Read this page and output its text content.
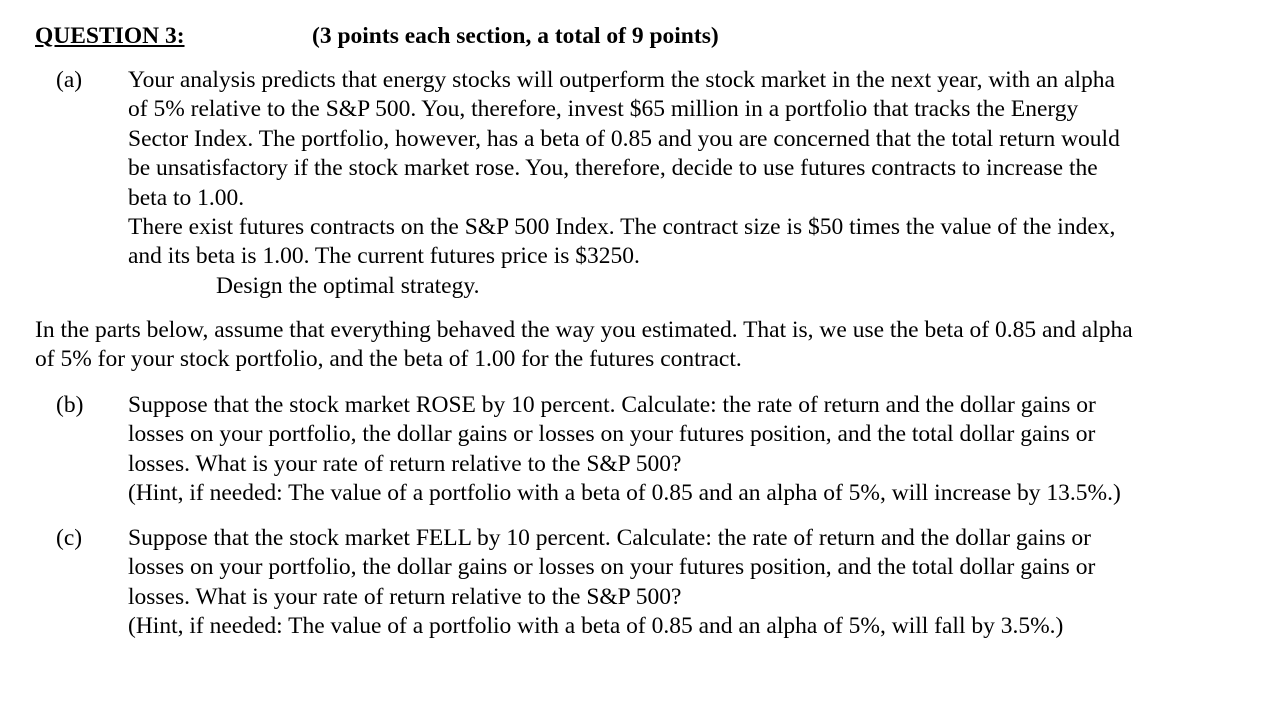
QUESTION 3:	(3 points each section, a total of 9 points)
(a) Your analysis predicts that energy stocks will outperform the stock market in the next year, with an alpha
of 5% relative to the S&P 500. You, therefore, invest $65 million in a portfolio that tracks the Energy
Sector Index. The portfolio, however, has a beta of 0.85 and you are concerned that the total return would
be unsatisfactory if the stock market rose. You, therefore, decide to use futures contracts to increase the
beta to 1.00.
There exist futures contracts on the S&P 500 Index. The contract size is $50 times the value of the index,
and its beta is 1.00. The current futures price is $3250.
Design the optimal strategy.
In the parts below, assume that everything behaved the way you estimated. That is, we use the beta of 0.85 and alpha
of 5% for your stock portfolio, and the beta of 1.00 for the futures contract.
(b) Suppose that the stock market ROSE by 10 percent. Calculate: the rate of return and the dollar gains or
losses on your portfolio, the dollar gains or losses on your futures position, and the total dollar gains or
losses. What is your rate of return relative to the S&P 500?
(Hint, if needed: The value of a portfolio with a beta of 0.85 and an alpha of 5%, will increase by 13.5%.)
(c) Suppose that the stock market FELL by 10 percent. Calculate: the rate of return and the dollar gains or
losses on your portfolio, the dollar gains or losses on your futures position, and the total dollar gains or
losses. What is your rate of return relative to the S&P 500?
(Hint, if needed: The value of a portfolio with a beta of 0.85 and an alpha of 5%, will fall by 3.5%.)
